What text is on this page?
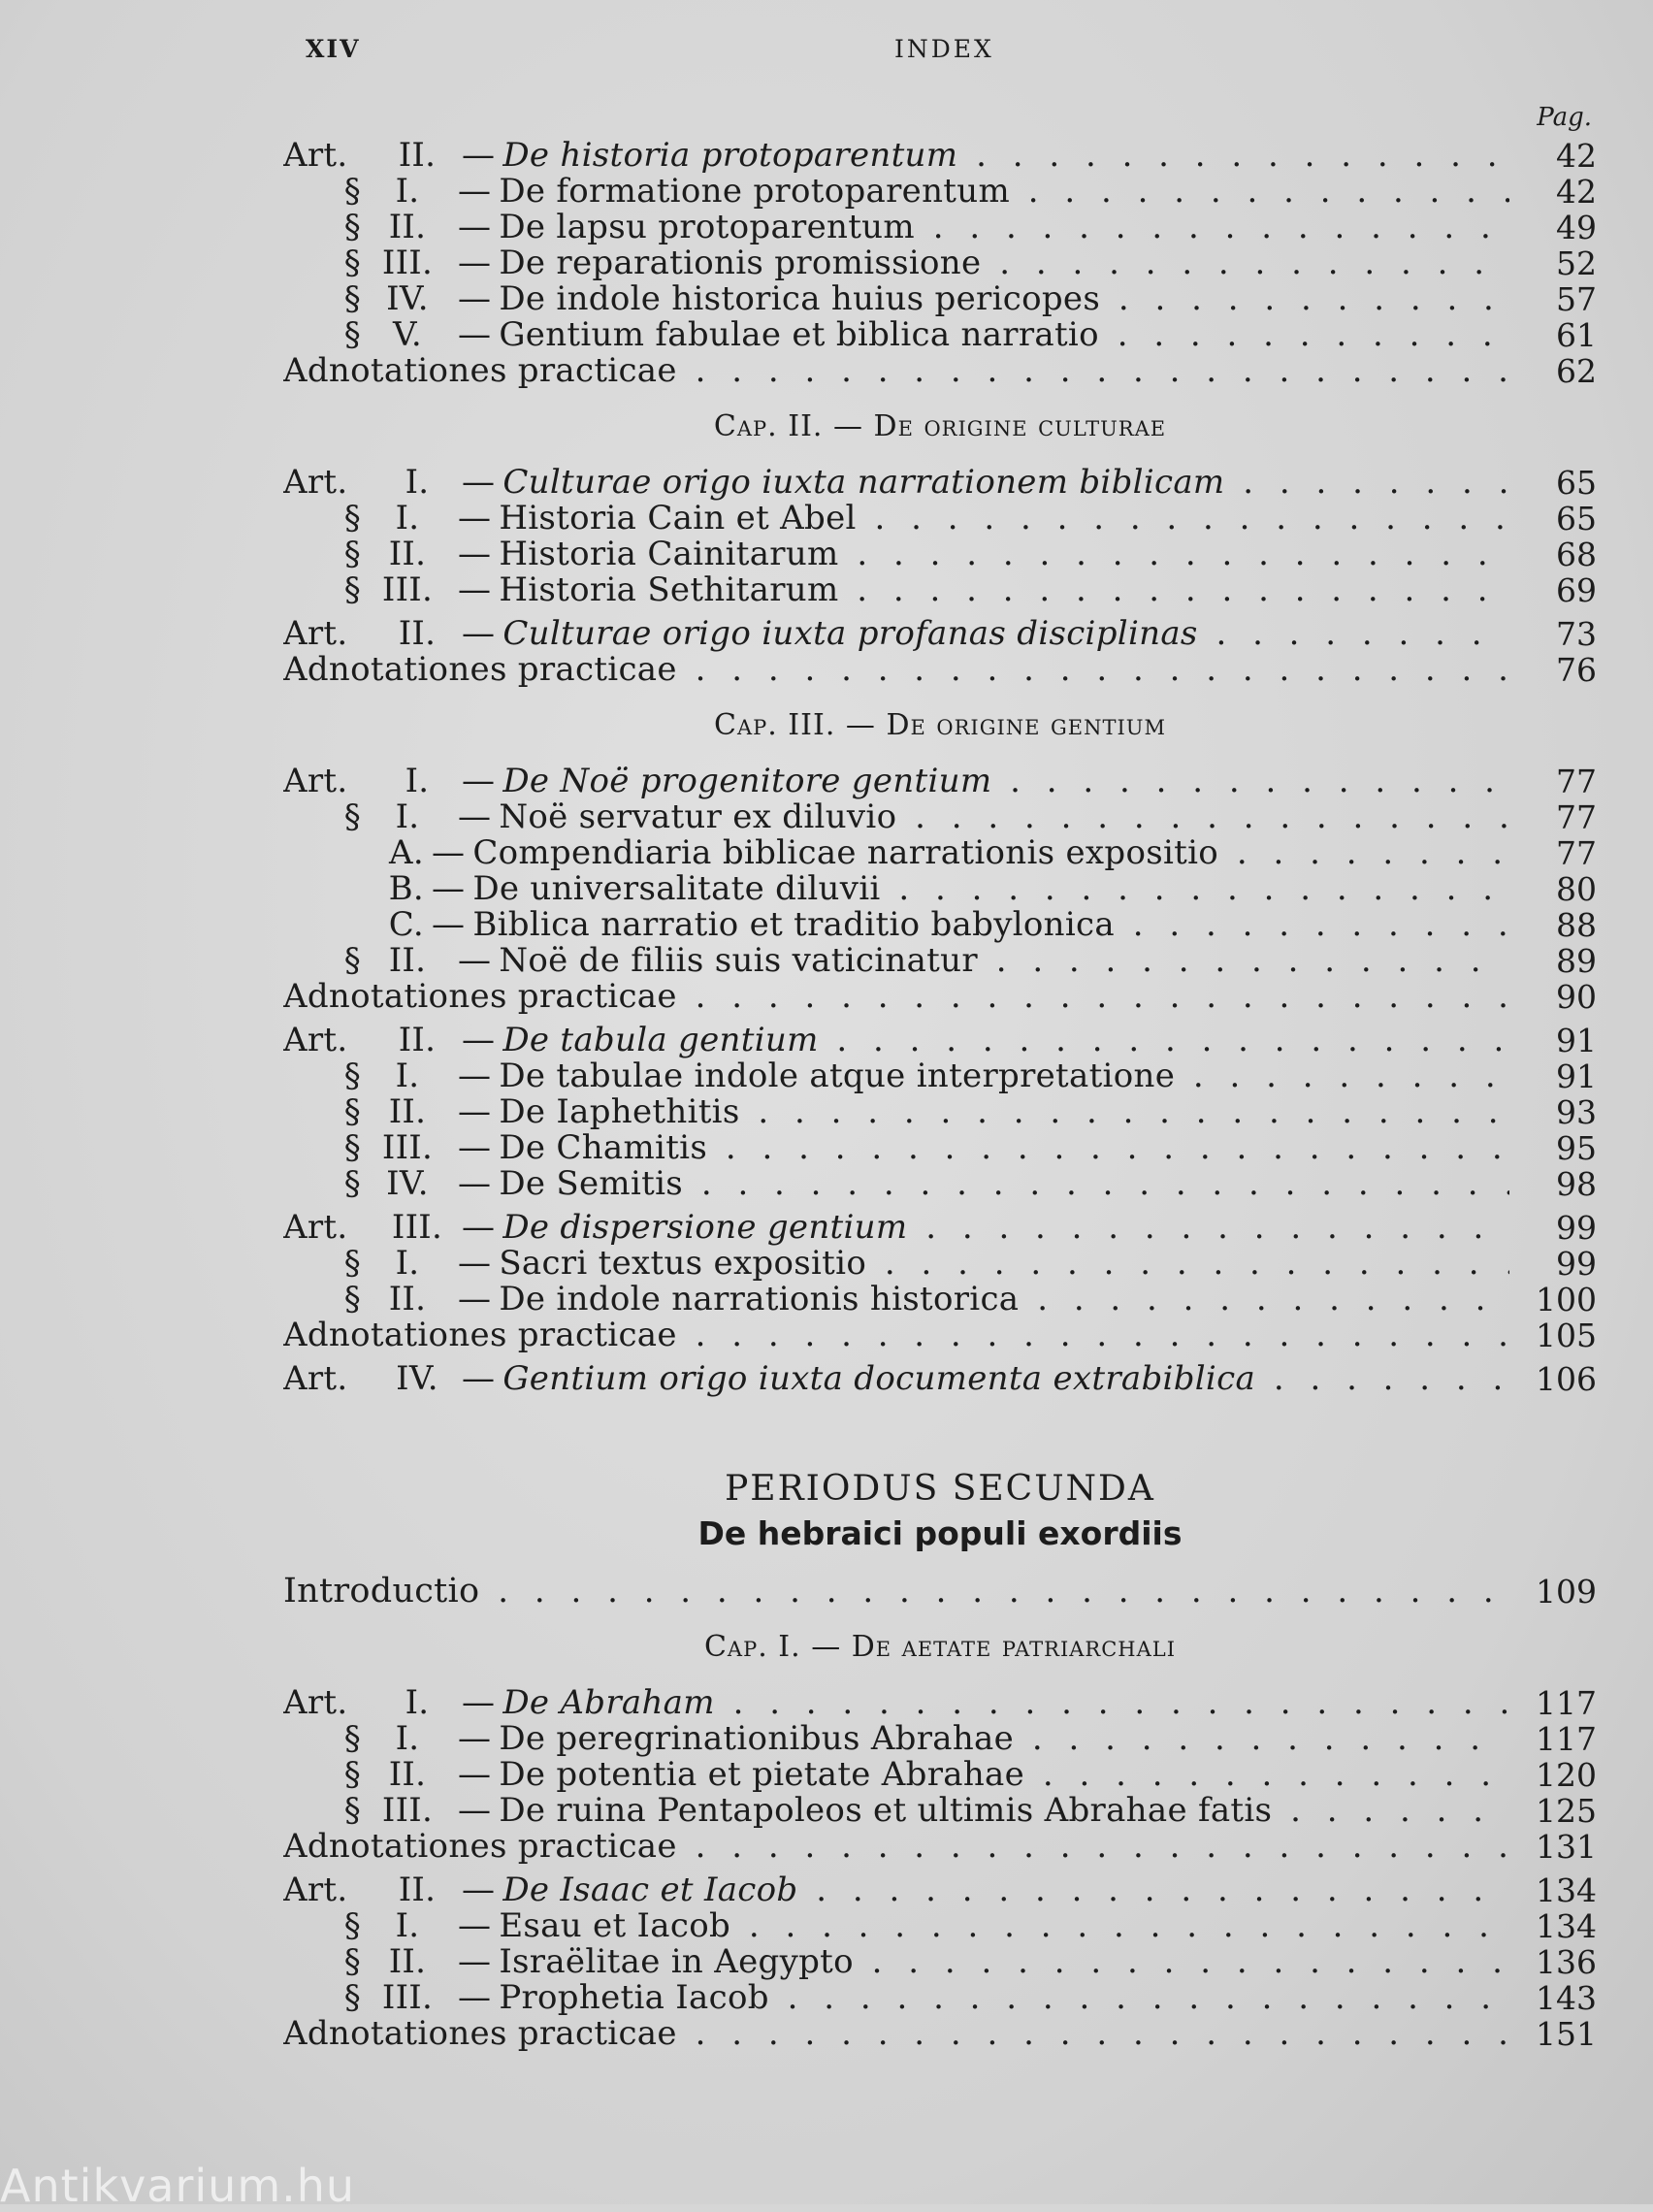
XIV	INDEX
Pag.
Art. II. — De historia protoparentum . . .	42
§ I. — De formatione protoparentum . . .	42
§ II. — De lapsu protoparentum . . .	49
§ III. — De reparationis promissione . . .	52
§ IV. — De indole historica huius pericopes . . .	57
§ V. — Gentium fabulae et biblica narratio . . .	61
Adnotationes practicae . . .	62
Cap. II. — De origine culturae
Art. I. — Culturae origo iuxta narrationem biblicam . . .	65
§ I. — Historia Cain et Abel . . .	65
§ II. — Historia Cainitarum . . .	68
§ III. — Historia Sethitarum . . .	69
Art. II. — Culturae origo iuxta profanas disciplinas . . .	73
Adnotationes practicae . . .	76
Cap. III. — De origine gentium
Art. I. — De Noë progenitore gentium . . .	77
§ I. — Noë servatur ex diluvio . . .	77
A. — Compendiaria biblicae narrationis expositio . . .	77
B. — De universalitate diluvii . . .	80
C. — Biblica narratio et traditio babylonica . . .	88
§ II. — Noë de filiis suis vaticinatur . . .	89
Adnotationes practicae . . .	90
Art. II. — De tabula gentium . . .	91
§ I. — De tabulae indole atque interpretatione . . .	91
§ II. — De Iaphethitis . . .	93
§ III. — De Chamitis . . .	95
§ IV. — De Semitis . . .	98
Art. III. — De dispersione gentium . . .	99
§ I. — Sacri textus expositio . . .	99
§ II. — De indole narrationis historica . . .	100
Adnotationes practicae . . .	105
Art. IV. — Gentium origo iuxta documenta extrabiblica . . .	106
PERIODUS SECUNDA
De hebraici populi exordiis
Introductio . . .	109
Cap. I. — De aetate patriarchali
Art. I. — De Abraham . . .	117
§ I. — De peregrinationibus Abrahae . . .	117
§ II. — De potentia et pietate Abrahae . . .	120
§ III. — De ruina Pentapoleos et ultimis Abrahae fatis . . .	125
Adnotationes practicae . . .	131
Art. II. — De Isaac et Iacob . . .	134
§ I. — Esau et Iacob . . .	134
§ II. — Israëlitae in Aegypto . . .	136
§ III. — Prophetia Iacob . . .	143
Adnotationes practicae . . .	151
Antikvarium.hu
